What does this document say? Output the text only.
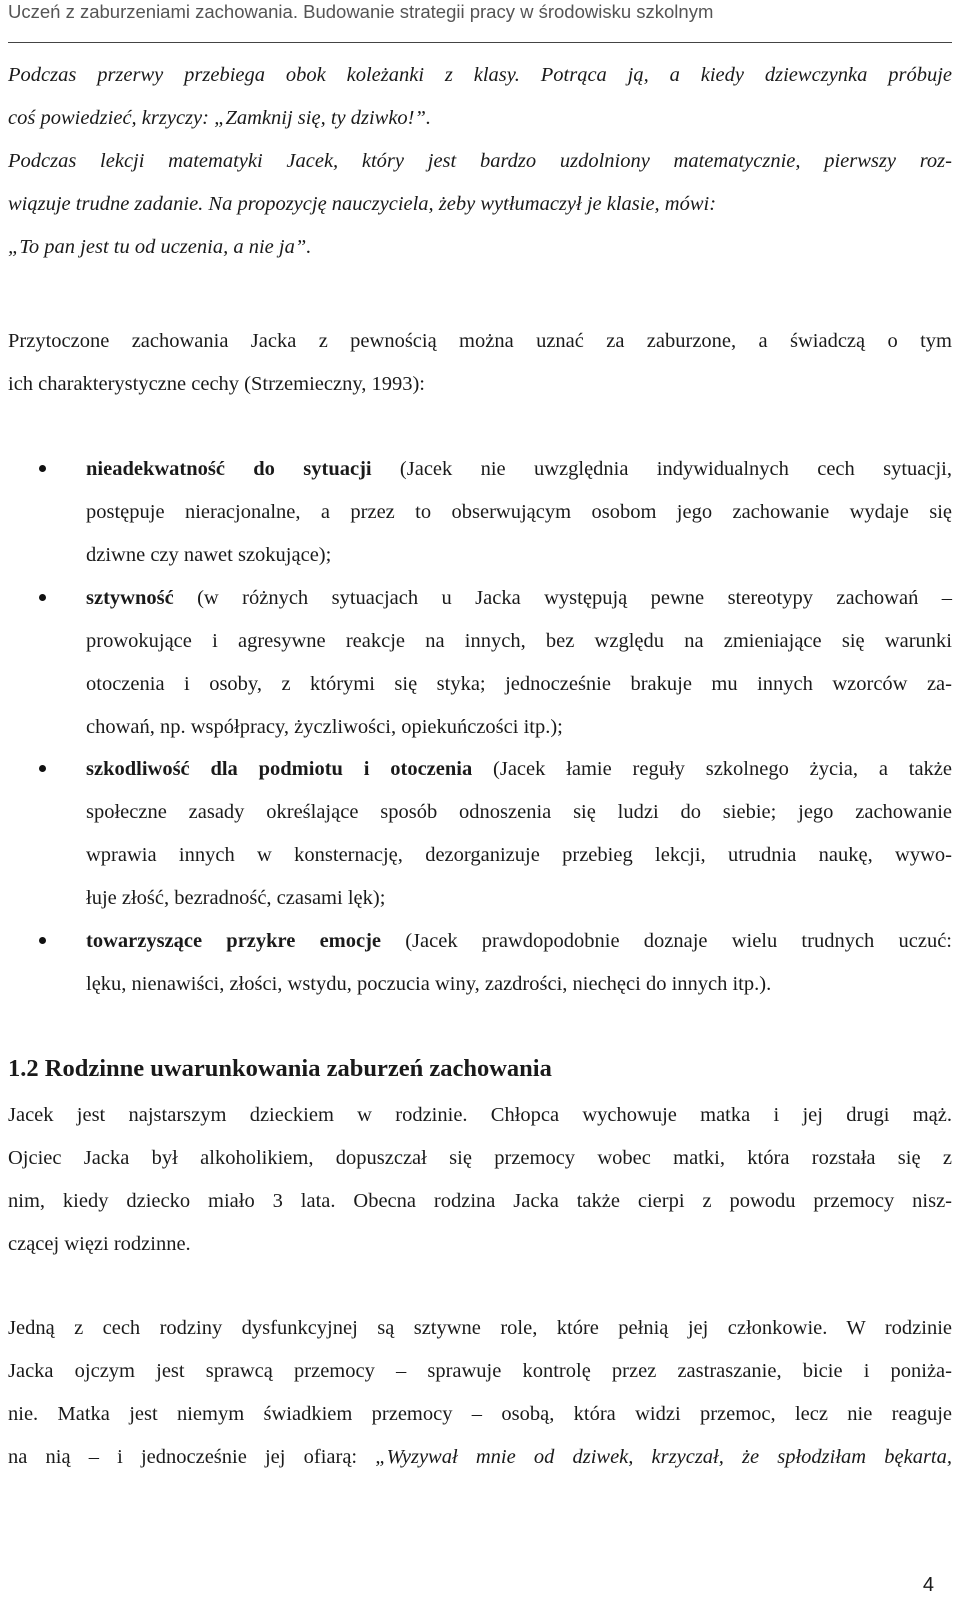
Uczeń z zaburzeniami zachowania. Budowanie strategii pracy w środowisku szkolnym
Podczas przerwy przebiega obok koleżanki z klasy. Potrąca ją, a kiedy dziewczynka próbuje
coś powiedzieć, krzyczy: „Zamknij się, ty dziwko!”.
Podczas lekcji matematyki Jacek, który jest bardzo uzdolniony matematycznie, pierwszy roz-
wiązuje trudne zadanie. Na propozycję nauczyciela, żeby wytłumaczył je klasie, mówi:
„To pan jest tu od uczenia, a nie ja”.
Przytoczone zachowania Jacka z pewnością można uznać za zaburzone, a świadczą o tym
ich charakterystyczne cechy (Strzemieczny, 1993):
nieadekwatność do sytuacji (Jacek nie uwzględnia indywidualnych cech sytuacji,
postępuje nieracjonalne, a przez to obserwującym osobom jego zachowanie wydaje się
dziwne czy nawet szokujące);
sztywność (w różnych sytuacjach u Jacka występują pewne stereotypy zachowań –
prowokujące i agresywne reakcje na innych, bez względu na zmieniające się warunki
otoczenia i osoby, z którymi się styka; jednocześnie brakuje mu innych wzorców za-
chowań, np. współpracy, życzliwości, opiekuńczości itp.);
szkodliwość dla podmiotu i otoczenia (Jacek łamie reguły szkolnego życia, a także
społeczne zasady określające sposób odnoszenia się ludzi do siebie; jego zachowanie
wprawia innych w konsternację, dezorganizuje przebieg lekcji, utrudnia naukę, wywo-
łuje złość, bezradność, czasami lęk);
towarzyszące przykre emocje (Jacek prawdopodobnie doznaje wielu trudnych uczuć:
lęku, nienawiści, złości, wstydu, poczucia winy, zazdrości, niechęci do innych itp.).
1.2 Rodzinne uwarunkowania zaburzeń zachowania
Jacek jest najstarszym dzieckiem w rodzinie. Chłopca wychowuje matka i jej drugi mąż.
Ojciec Jacka był alkoholikiem, dopuszczał się przemocy wobec matki, która rozstała się z
nim, kiedy dziecko miało 3 lata. Obecna rodzina Jacka także cierpi z powodu przemocy nisz-
czącej więzi rodzinne.
Jedną z cech rodziny dysfunkcyjnej są sztywne role, które pełnią jej członkowie. W rodzinie
Jacka ojczym jest sprawcą przemocy – sprawuje kontrolę przez zastraszanie, bicie i poniża-
nie. Matka jest niemym świadkiem przemocy – osobą, która widzi przemoc, lecz nie reaguje
na nią – i jednocześnie jej ofiarą: „Wyzywał mnie od dziwek, krzyczał, że spłodziłam bękarta,
4
